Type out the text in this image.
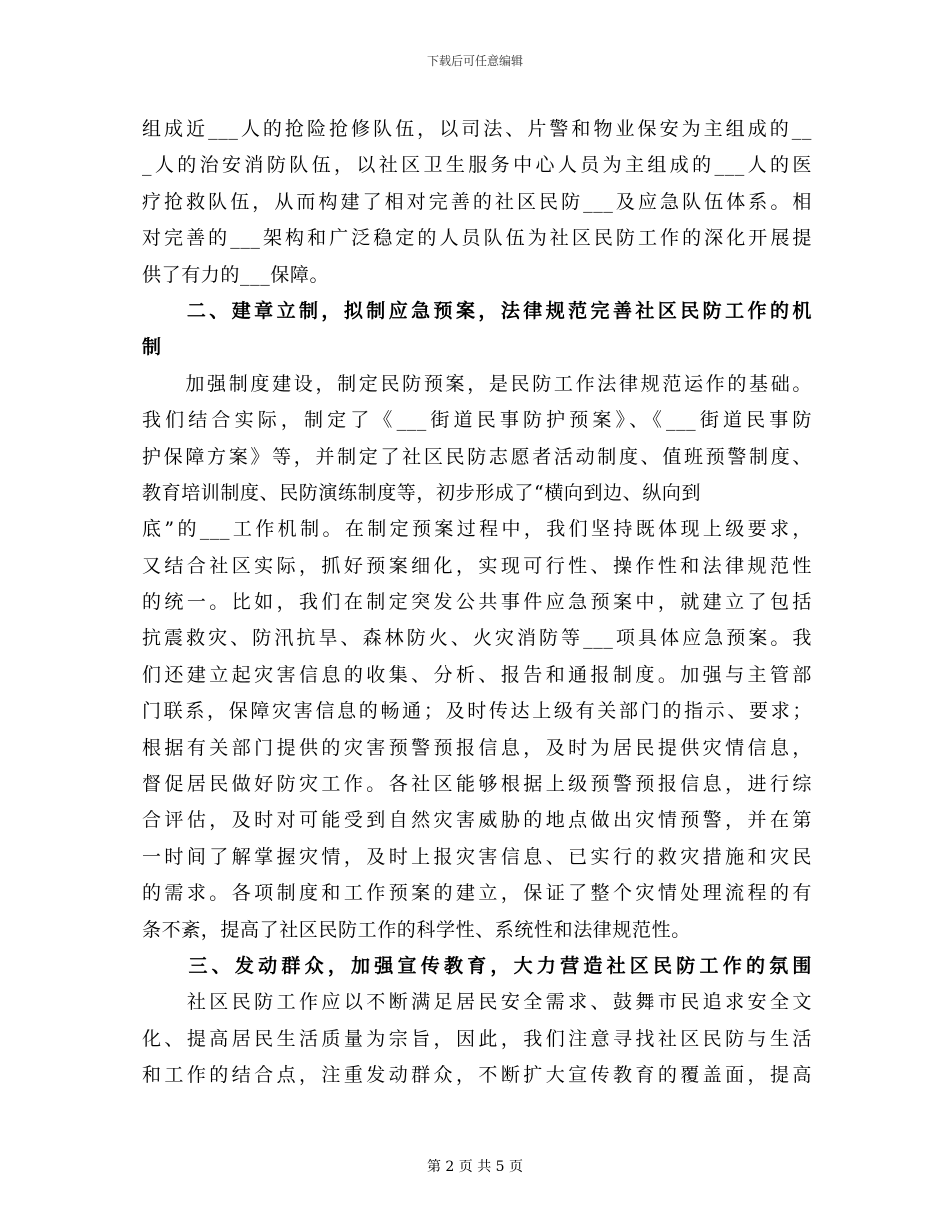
下载后可任意编辑
组成近___人的抢险抢修队伍，以司法、片警和物业保安为主组成的__
_人的治安消防队伍，以社区卫生服务中心人员为主组成的___人的医
疗抢救队伍，从而构建了相对完善的社区民防___及应急队伍体系。相
对完善的___架构和广泛稳定的人员队伍为社区民防工作的深化开展提
供了有力的___保障。
　　二、建章立制，拟制应急预案，法律规范完善社区民防工作的机
制
　　加强制度建设，制定民防预案，是民防工作法律规范运作的基础。
我们结合实际，制定了《___街道民事防护预案》、《___街道民事防
护保障方案》等，并制定了社区民防志愿者活动制度、值班预警制度、
教育培训制度、民防演练制度等，初步形成了“横向到边、纵向到
底”的___工作机制。在制定预案过程中，我们坚持既体现上级要求，
又结合社区实际，抓好预案细化，实现可行性、操作性和法律规范性
的统一。比如，我们在制定突发公共事件应急预案中，就建立了包括
抗震救灾、防汛抗旱、森林防火、火灾消防等___项具体应急预案。我
们还建立起灾害信息的收集、分析、报告和通报制度。加强与主管部
门联系，保障灾害信息的畅通；及时传达上级有关部门的指示、要求；
根据有关部门提供的灾害预警预报信息，及时为居民提供灾情信息，
督促居民做好防灾工作。各社区能够根据上级预警预报信息，进行综
合评估，及时对可能受到自然灾害威胁的地点做出灾情预警，并在第
一时间了解掌握灾情，及时上报灾害信息、已实行的救灾措施和灾民
的需求。各项制度和工作预案的建立，保证了整个灾情处理流程的有
条不紊，提高了社区民防工作的科学性、系统性和法律规范性。
　　三、发动群众，加强宣传教育，大力营造社区民防工作的氛围
　　社区民防工作应以不断满足居民安全需求、鼓舞市民追求安全文
化、提高居民生活质量为宗旨，因此，我们注意寻找社区民防与生活
和工作的结合点，注重发动群众，不断扩大宣传教育的覆盖面，提高
第 2 页 共 5 页
